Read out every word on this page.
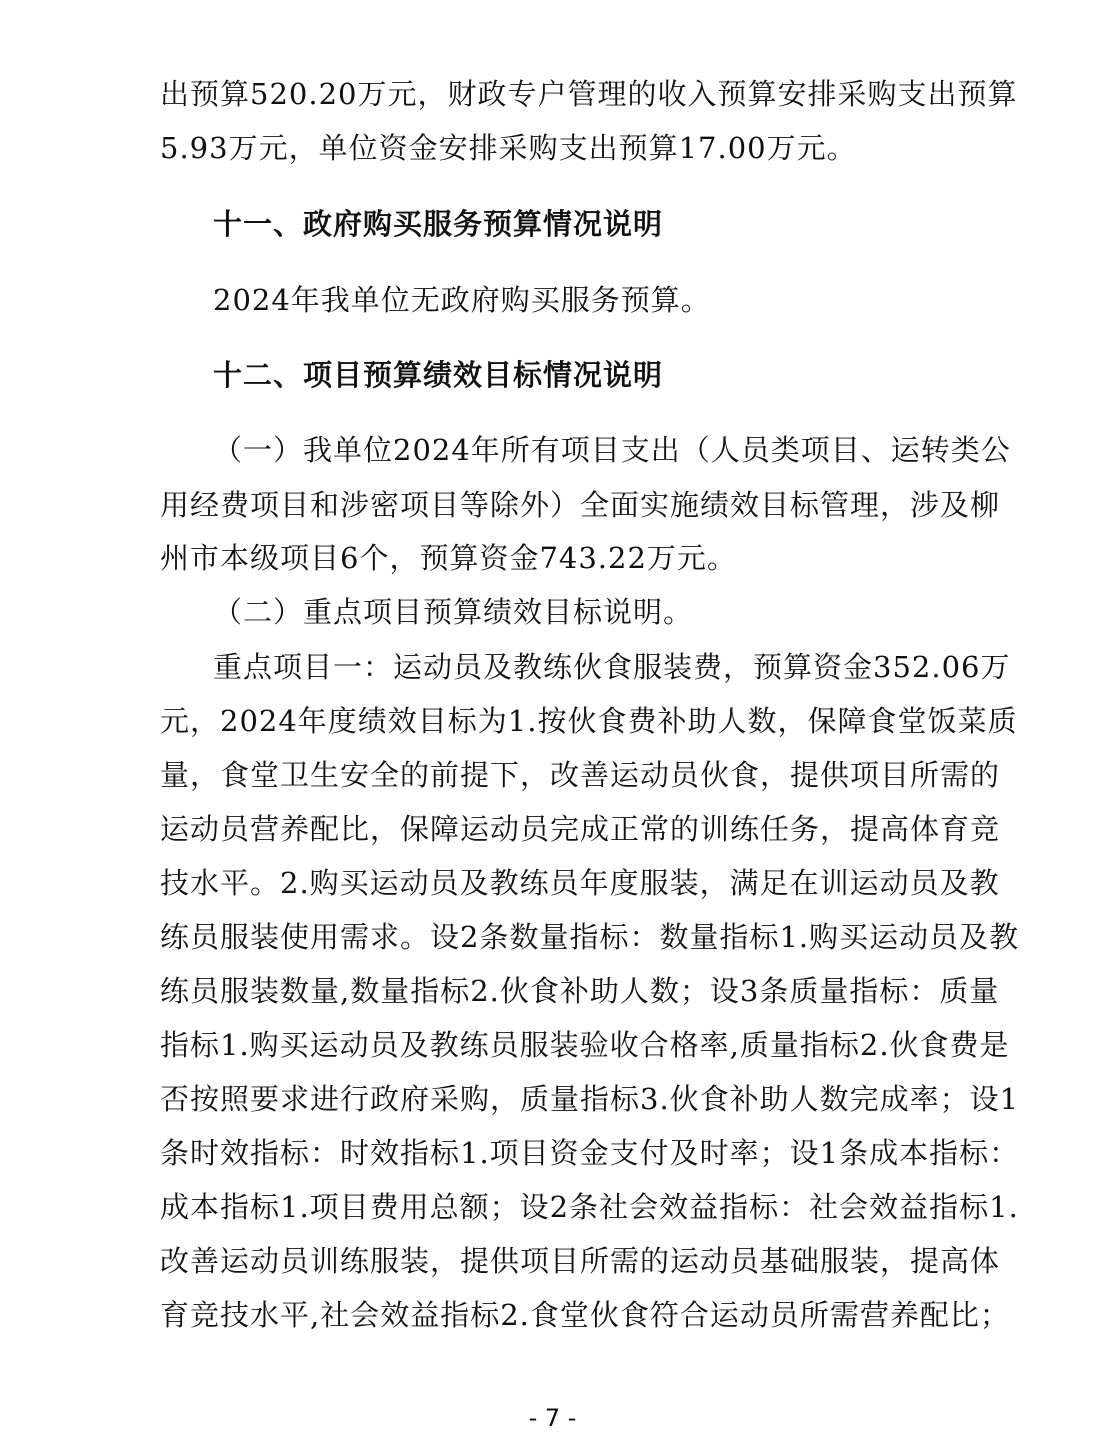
出预算520.20万元，财政专户管理的收入预算安排采购支出预算
5.93万元，单位资金安排采购支出预算17.00万元。
十一、政府购买服务预算情况说明
2024年我单位无政府购买服务预算。
十二、项目预算绩效目标情况说明
（一）我单位2024年所有项目支出（人员类项目、运转类公
用经费项目和涉密项目等除外）全面实施绩效目标管理，涉及柳
州市本级项目6个，预算资金743.22万元。
（二）重点项目预算绩效目标说明。
重点项目一：运动员及教练伙食服装费，预算资金352.06万
元，2024年度绩效目标为1.按伙食费补助人数，保障食堂饭菜质
量，食堂卫生安全的前提下，改善运动员伙食，提供项目所需的
运动员营养配比，保障运动员完成正常的训练任务，提高体育竞
技水平。2.购买运动员及教练员年度服装，满足在训运动员及教
练员服装使用需求。设2条数量指标：数量指标1.购买运动员及教
练员服装数量,数量指标2.伙食补助人数；设3条质量指标：质量
指标1.购买运动员及教练员服装验收合格率,质量指标2.伙食费是
否按照要求进行政府采购，质量指标3.伙食补助人数完成率；设1
条时效指标：时效指标1.项目资金支付及时率；设1条成本指标：
成本指标1.项目费用总额；设2条社会效益指标：社会效益指标1.
改善运动员训练服装，提供项目所需的运动员基础服装，提高体
育竞技水平,社会效益指标2.食堂伙食符合运动员所需营养配比；
- 7 -
